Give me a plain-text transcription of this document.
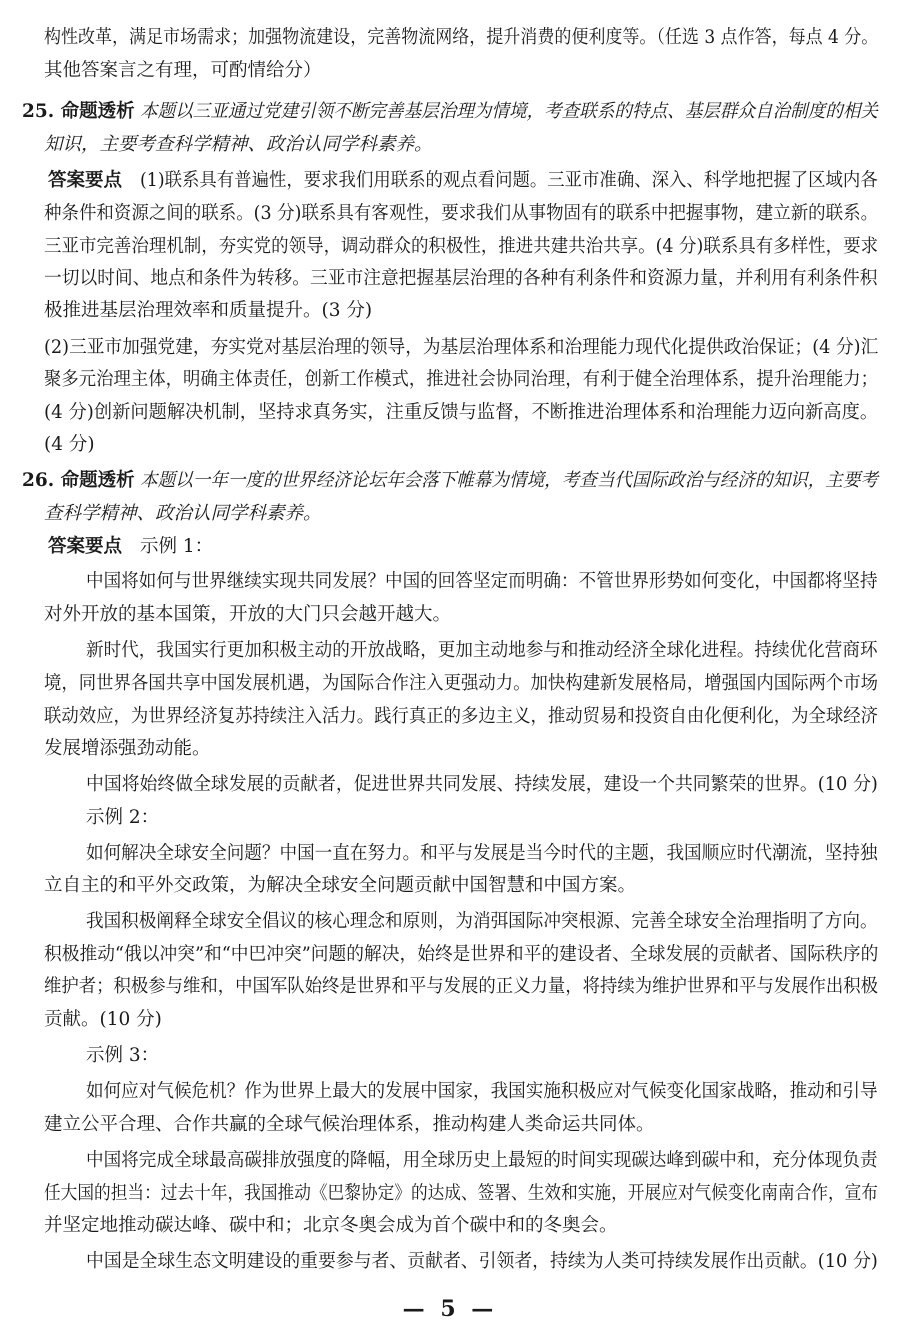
构性改革，满足市场需求；加强物流建设，完善物流网络，提升消费的便利度等。（任选 3 点作答，每点 4 分。
其他答案言之有理，可酌情给分）
25. 命题透析 本题以三亚通过党建引领不断完善基层治理为情境，考查联系的特点、基层群众自治制度的相关
知识，主要考查科学精神、政治认同学科素养。
答案要点 (1)联系具有普遍性，要求我们用联系的观点看问题。三亚市准确、深入、科学地把握了区域内各
种条件和资源之间的联系。(3 分)联系具有客观性，要求我们从事物固有的联系中把握事物，建立新的联系。
三亚市完善治理机制，夯实党的领导，调动群众的积极性，推进共建共治共享。(4 分)联系具有多样性，要求
一切以时间、地点和条件为转移。三亚市注意把握基层治理的各种有利条件和资源力量，并利用有利条件积
极推进基层治理效率和质量提升。(3 分)
(2)三亚市加强党建，夯实党对基层治理的领导，为基层治理体系和治理能力现代化提供政治保证；(4 分)汇
聚多元治理主体，明确主体责任，创新工作模式，推进社会协同治理，有利于健全治理体系，提升治理能力；
(4 分)创新问题解决机制，坚持求真务实，注重反馈与监督，不断推进治理体系和治理能力迈向新高度。
(4 分)
26. 命题透析 本题以一年一度的世界经济论坛年会落下帷幕为情境，考查当代国际政治与经济的知识，主要考
查科学精神、政治认同学科素养。
答案要点 示例 1：
中国将如何与世界继续实现共同发展？中国的回答坚定而明确：不管世界形势如何变化，中国都将坚持
对外开放的基本国策，开放的大门只会越开越大。
新时代，我国实行更加积极主动的开放战略，更加主动地参与和推动经济全球化进程。持续优化营商环
境，同世界各国共享中国发展机遇，为国际合作注入更强动力。加快构建新发展格局，增强国内国际两个市场
联动效应，为世界经济复苏持续注入活力。践行真正的多边主义，推动贸易和投资自由化便利化，为全球经济
发展增添强劲动能。
中国将始终做全球发展的贡献者，促进世界共同发展、持续发展，建设一个共同繁荣的世界。(10 分)
示例 2：
如何解决全球安全问题？中国一直在努力。和平与发展是当今时代的主题，我国顺应时代潮流，坚持独
立自主的和平外交政策，为解决全球安全问题贡献中国智慧和中国方案。
我国积极阐释全球安全倡议的核心理念和原则，为消弭国际冲突根源、完善全球安全治理指明了方向。
积极推动“俄以冲突”和“中巴冲突”问题的解决，始终是世界和平的建设者、全球发展的贡献者、国际秩序的
维护者；积极参与维和，中国军队始终是世界和平与发展的正义力量，将持续为维护世界和平与发展作出积极
贡献。(10 分)
示例 3：
如何应对气候危机？作为世界上最大的发展中国家，我国实施积极应对气候变化国家战略，推动和引导
建立公平合理、合作共赢的全球气候治理体系，推动构建人类命运共同体。
中国将完成全球最高碳排放强度的降幅，用全球历史上最短的时间实现碳达峰到碳中和，充分体现负责
任大国的担当：过去十年，我国推动《巴黎协定》的达成、签署、生效和实施，开展应对气候变化南南合作，宣布
并坚定地推动碳达峰、碳中和；北京冬奥会成为首个碳中和的冬奥会。
中国是全球生态文明建设的重要参与者、贡献者、引领者，持续为人类可持续发展作出贡献。(10 分)
— 5 —
